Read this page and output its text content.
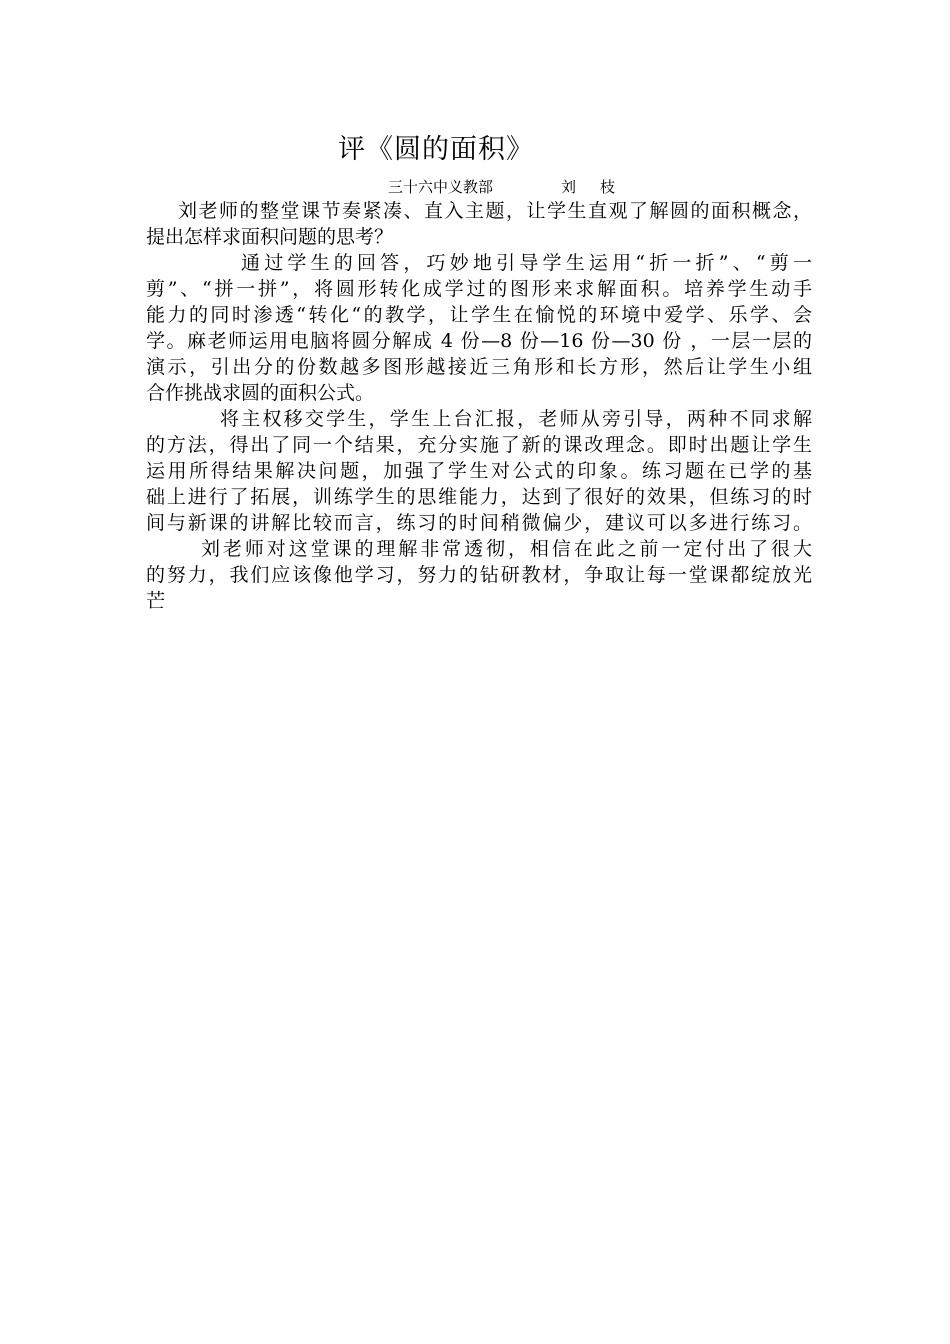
评《圆的面积》
三十六中义教部	刘枝
刘老师的整堂课节奏紧凑、直入主题，让学生直观了解圆的面积概念，
提出怎样求面积问题的思考？
通过学生的回答，巧妙地引导学生运用“折一折”、“剪一
剪”、“拼一拼”，将圆形转化成学过的图形来求解面积。培养学生动手
能力的同时渗透“转化“的教学，让学生在愉悦的环境中爱学、乐学、会
学。麻老师运用电脑将圆分解成 4 份—8 份—16 份—30 份 ，一层一层的
演示，引出分的份数越多图形越接近三角形和长方形，然后让学生小组
合作挑战求圆的面积公式。
将主权移交学生，学生上台汇报，老师从旁引导，两种不同求解
的方法，得出了同一个结果，充分实施了新的课改理念。即时出题让学生
运用所得结果解决问题，加强了学生对公式的印象。练习题在已学的基
础上进行了拓展，训练学生的思维能力，达到了很好的效果，但练习的时
间与新课的讲解比较而言，练习的时间稍微偏少，建议可以多进行练习。
刘老师对这堂课的理解非常透彻，相信在此之前一定付出了很大
的努力，我们应该像他学习，努力的钻研教材，争取让每一堂课都绽放光
芒
